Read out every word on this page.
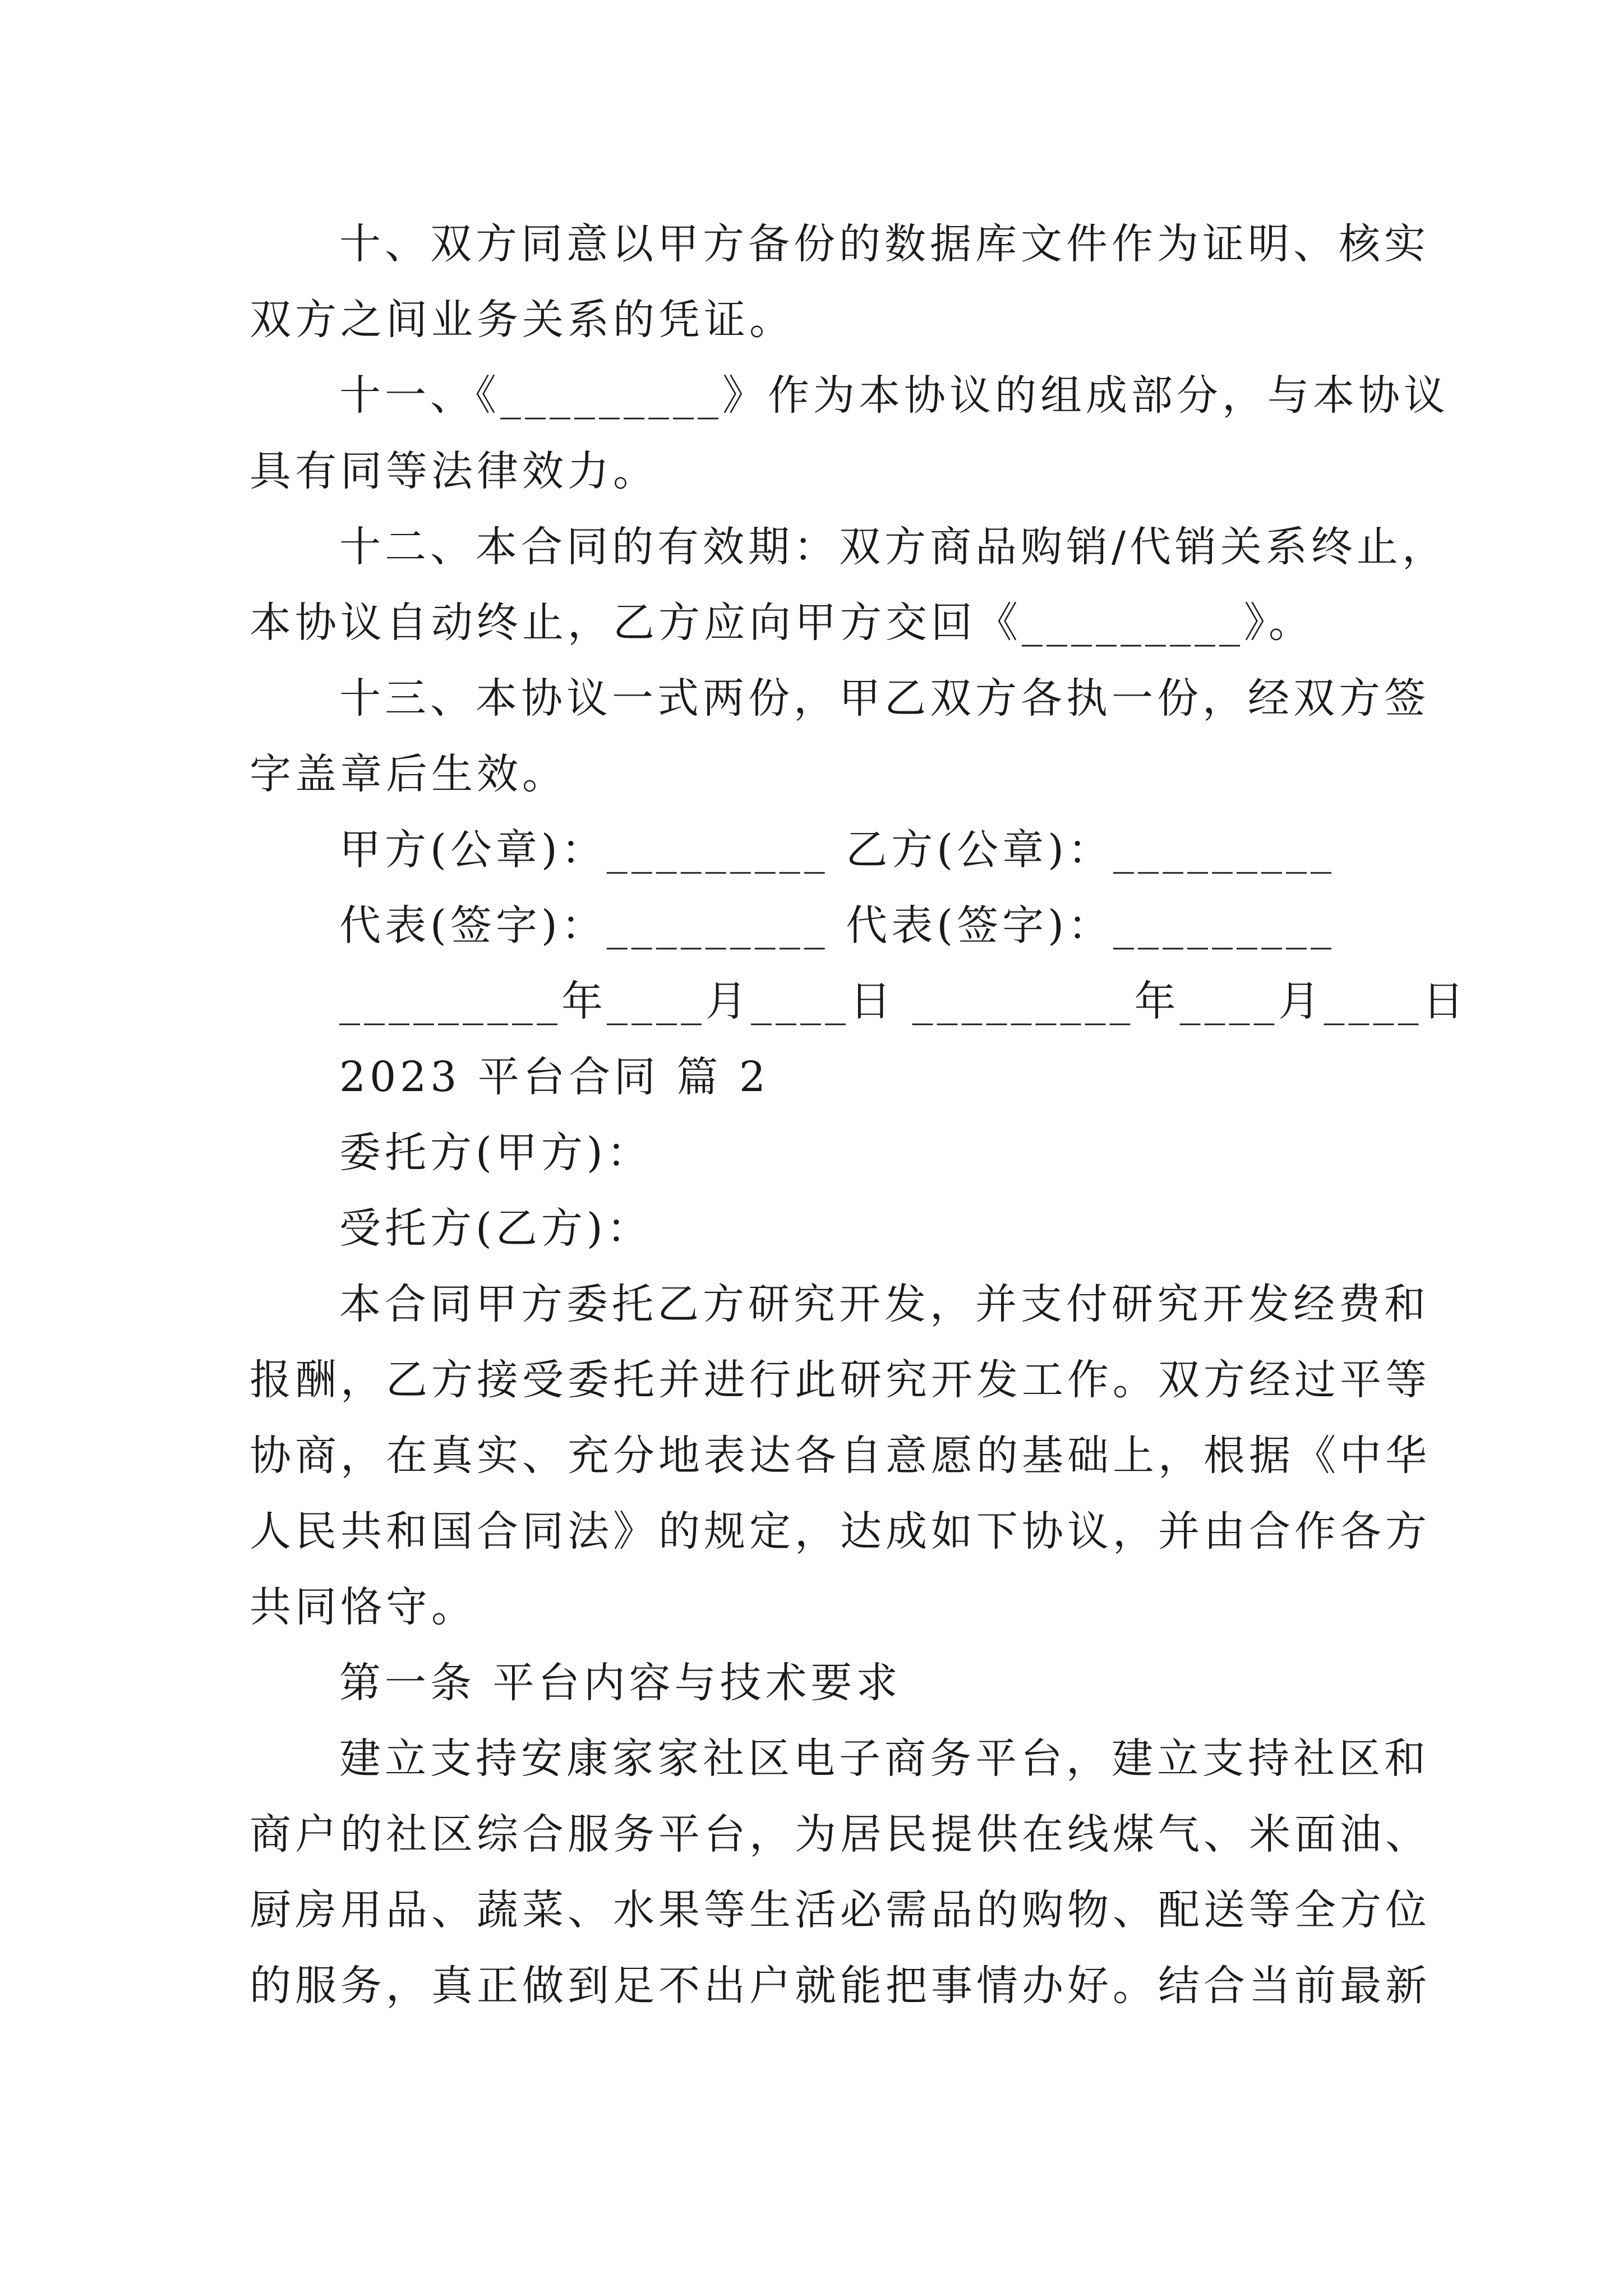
十、双方同意以甲方备份的数据库文件作为证明、核实
双方之间业务关系的凭证。
十一、《_________》作为本协议的组成部分，与本协议
具有同等法律效力。
十二、本合同的有效期：双方商品购销/代销关系终止，
本协议自动终止，乙方应向甲方交回《_________》。
十三、本协议一式两份，甲乙双方各执一份，经双方签
字盖章后生效。
甲方(公章)：_________ 乙方(公章)：_________
代表(签字)：_________ 代表(签字)：_________
_________年____月____日 _________年____月____日
2023 平台合同 篇 2
委托方(甲方)：
受托方(乙方)：
本合同甲方委托乙方研究开发，并支付研究开发经费和
报酬，乙方接受委托并进行此研究开发工作。双方经过平等
协商，在真实、充分地表达各自意愿的基础上，根据《中华
人民共和国合同法》的规定，达成如下协议，并由合作各方
共同恪守。
第一条 平台内容与技术要求
建立支持安康家家社区电子商务平台，建立支持社区和
商户的社区综合服务平台，为居民提供在线煤气、米面油、
厨房用品、蔬菜、水果等生活必需品的购物、配送等全方位
的服务，真正做到足不出户就能把事情办好。结合当前最新
